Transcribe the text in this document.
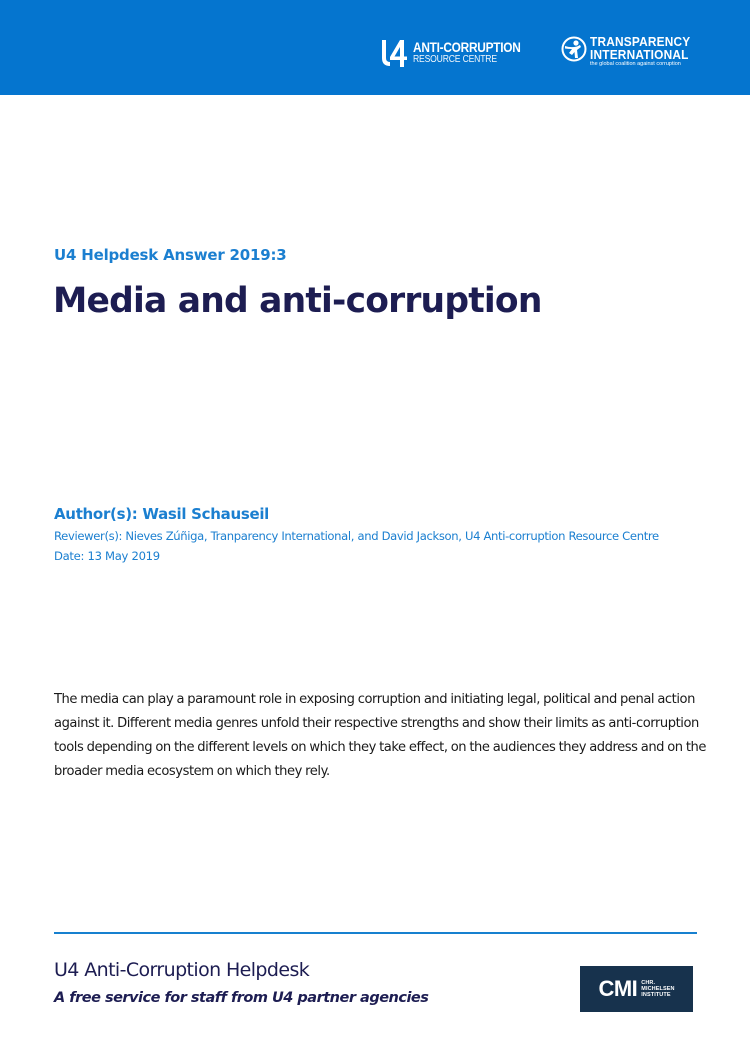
ANTI-CORRUPTION
RESOURCE CENTRE
TRANSPARENCY
INTERNATIONAL
the global coalition against corruption
U4 Helpdesk Answer 2019:3
Media and anti-corruption
Author(s): Wasil Schauseil
Reviewer(s): Nieves Zúñiga, Tranparency International, and David Jackson, U4 Anti-corruption Resource Centre
Date: 13 May 2019

The media can play a paramount role in exposing corruption and initiating legal, political and penal action against it. Different media genres unfold their respective strengths and show their limits as anti-corruption tools depending on the different levels on which they take effect, on the audiences they address and on the broader media ecosystem on which they rely.

U4 Anti-Corruption Helpdesk
A free service for staff from U4 partner agencies	CMI CHR.
MICHELSEN
INSTITUTE
